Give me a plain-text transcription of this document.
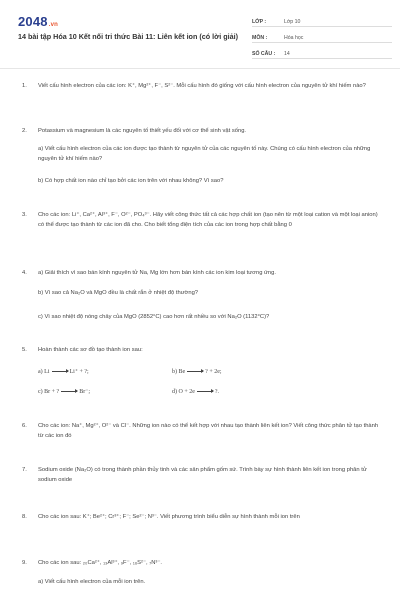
2048.vn
14 bài tập Hóa 10 Kết nối tri thức Bài 11: Liên kết ion (có lời giải)
LỚP :	Lớp 10
MÔN :	Hóa học
SỐ CÂU :	14
1.	Viết cấu hình electron của các ion: K⁺, Mg²⁺, F⁻, S²⁻. Mỗi cấu hình đó giống với cấu hình electron của nguyên tử khí hiếm nào?
2.	Potassium và magnesium là các nguyên tố thiết yếu đối với cơ thể sinh vật sống.
a) Viết cấu hình electron của các ion được tạo thành từ nguyên tử của các nguyên tố này. Chúng có cấu hình electron của những nguyên tử khí hiếm nào?
b) Có hợp chất ion nào chỉ tạo bởi các ion trên với nhau không? Vì sao?
3.	Cho các ion: Li⁺, Ca²⁺, Al³⁺, F⁻, O²⁻, PO₄³⁻. Hãy viết công thức tất cả các hợp chất ion (tạo nên từ một loại cation và một loại anion) có thể được tạo thành từ các ion đã cho. Cho biết tổng điện tích của các ion trong hợp chất bằng 0
4.	a) Giải thích vì sao bán kính nguyên tử Na, Mg lớn hơn bán kính các ion kim loại tương ứng.
b) Vì sao cả Na₂O và MgO đều là chất rắn ở nhiệt độ thường?
c) Vì sao nhiệt độ nóng chảy của MgO (2852°C) cao hơn rất nhiều so với Na₂O (1132°C)?
5.	Hoàn thành các sơ đồ tạo thành ion sau:
a) Li	Li⁺ + ?;	b) Be	? + 2e;
c) Br + ?	Br⁻;	d) O + 2e	?.
6.	Cho các ion: Na⁺, Mg²⁺, O²⁻ và Cl⁻. Những ion nào có thể kết hợp với nhau tạo thành liên kết ion? Viết công thức phân tử tạo thành từ các ion đó
7.	Sodium oxide (Na₂O) có trong thành phần thủy tinh và các sản phẩm gốm sứ. Trình bày sự hình thành liên kết ion trong phân tử sodium oxide
8.	Cho các ion sau: K⁺; Be²⁺; Cr³⁺; F⁻; Se²⁻; N³⁻. Viết phương trình biểu diễn sự hình thành mỗi ion trên
9.	Cho các ion sau: ₂₀Ca²⁺, ₁₃Al³⁺, ₉F⁻, ₁₆S²⁻, ₇N³⁻.
a) Viết cấu hình electron của mỗi ion trên.
